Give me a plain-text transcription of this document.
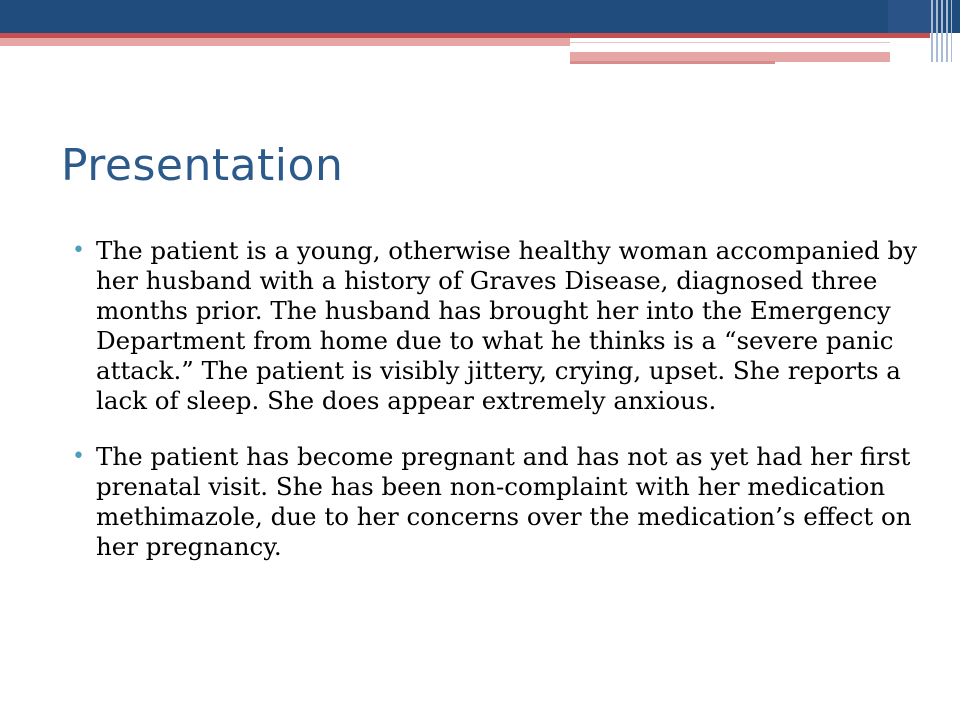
Presentation
• The patient is a young, otherwise healthy woman accompanied by her husband with a history of Graves Disease, diagnosed three months prior. The husband has brought her into the Emergency Department from home due to what he thinks is a “severe panic attack.” The patient is visibly jittery, crying, upset. She reports a lack of sleep. She does appear extremely anxious.
• The patient has become pregnant and has not as yet had her first prenatal visit. She has been non-complaint with her medication methimazole, due to her concerns over the medication’s effect on her pregnancy.
